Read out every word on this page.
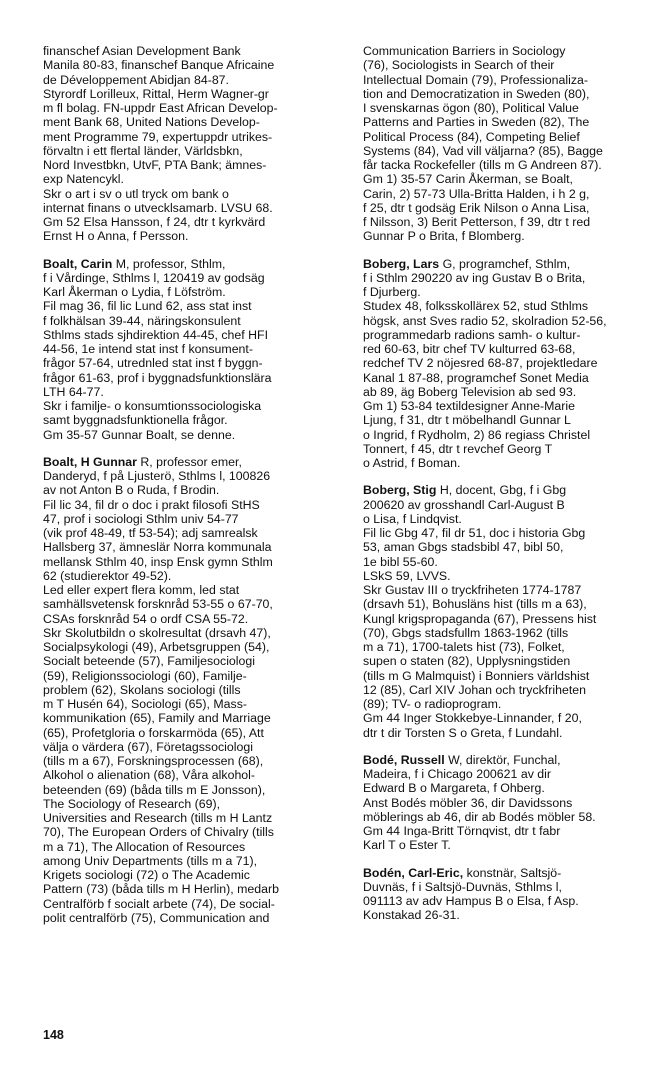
finanschef Asian Development Bank
Manila 80-83, finanschef Banque Africaine
de Développement Abidjan 84-87.
Styrordf Lorilleux, Rittal, Herm Wagner-gr
m fl bolag. FN-uppdr East African Develop-
ment Bank 68, United Nations Develop-
ment Programme 79, expertuppdr utrikes-
förvaltn i ett flertal länder, Världsbkn,
Nord Investbkn, UtvF, PTA Bank; ämnes-
exp Natencykl.
Skr o art i sv o utl tryck om bank o
internat finans o utvecklsamarb. LVSU 68.
Gm 52 Elsa Hansson, f 24, dtr t kyrkvärd
Ernst H o Anna, f Persson.
Boalt, Carin M, professor, Sthlm,
f i Vårdinge, Sthlms l, 120419 av godsäg
Karl Åkerman o Lydia, f Löfström.
Fil mag 36, fil lic Lund 62, ass stat inst
f folkhälsan 39-44, näringskonsulent
Sthlms stads sjhdirektion 44-45, chef HFI
44-56, 1e intend stat inst f konsument-
frågor 57-64, utrednled stat inst f byggn-
frågor 61-63, prof i byggnadsfunktionslära
LTH 64-77.
Skr i familje- o konsumtionssociologiska
samt byggnadsfunktionella frågor.
Gm 35-57 Gunnar Boalt, se denne.
Boalt, H Gunnar R, professor emer,
Danderyd, f på Ljusterö, Sthlms l, 100826
av not Anton B o Ruda, f Brodin.
Fil lic 34, fil dr o doc i prakt filosofi StHS
47, prof i sociologi Sthlm univ 54-77
(vik prof 48-49, tf 53-54); adj samrealsk
Hallsberg 37, ämneslär Norra kommunala
mellansk Sthlm 40, insp Ensk gymn Sthlm
62 (studierektor 49-52).
Led eller expert flera komm, led stat
samhällsvetensk forsknråd 53-55 o 67-70,
CSAs forsknråd 54 o ordf CSA 55-72.
Skr Skolutbildn o skolresultat (drsavh 47),
Socialpsykologi (49), Arbetsgruppen (54),
Socialt beteende (57), Familjesociologi
(59), Religionssociologi (60), Familje-
problem (62), Skolans sociologi (tills
m T Husén 64), Sociologi (65), Mass-
kommunikation (65), Family and Marriage
(65), Profetgloria o forskarmöda (65), Att
välja o värdera (67), Företagssociologi
(tills m a 67), Forskningsprocessen (68),
Alkohol o alienation (68), Våra alkohol-
beteenden (69) (båda tills m E Jonsson),
The Sociology of Research (69),
Universities and Research (tills m H Lantz
70), The European Orders of Chivalry (tills
m a 71), The Allocation of Resources
among Univ Departments (tills m a 71),
Krigets sociologi (72) o The Academic
Pattern (73) (båda tills m H Herlin), medarb
Centralförb f socialt arbete (74), De social-
polit centralförb (75), Communication and
Communication Barriers in Sociology
(76), Sociologists in Search of their
Intellectual Domain (79), Professionaliza-
tion and Democratization in Sweden (80),
I svenskarnas ögon (80), Political Value
Patterns and Parties in Sweden (82), The
Political Process (84), Competing Belief
Systems (84), Vad vill väljarna? (85), Bagge
får tacka Rockefeller (tills m G Andreen 87).
Gm 1) 35-57 Carin Åkerman, se Boalt,
Carin, 2) 57-73 Ulla-Britta Halden, i h 2 g,
f 25, dtr t godsäg Erik Nilson o Anna Lisa,
f Nilsson, 3) Berit Petterson, f 39, dtr t red
Gunnar P o Brita, f Blomberg.
Boberg, Lars G, programchef, Sthlm,
f i Sthlm 290220 av ing Gustav B o Brita,
f Djurberg.
Studex 48, folksskollärex 52, stud Sthlms
högsk, anst Sves radio 52, skolradion 52-56,
programmedarb radions samh- o kultur-
red 60-63, bitr chef TV kulturred 63-68,
redchef TV 2 nöjesred 68-87, projektledare
Kanal 1 87-88, programchef Sonet Media
ab 89, äg Boberg Television ab sed 93.
Gm 1) 53-84 textildesigner Anne-Marie
Ljung, f 31, dtr t möbelhandl Gunnar L
o Ingrid, f Rydholm, 2) 86 regiass Christel
Tonnert, f 45, dtr t revchef Georg T
o Astrid, f Boman.
Boberg, Stig H, docent, Gbg, f i Gbg
200620 av grosshandl Carl-August B
o Lisa, f Lindqvist.
Fil lic Gbg 47, fil dr 51, doc i historia Gbg
53, aman Gbgs stadsbibl 47, bibl 50,
1e bibl 55-60.
LSkS 59, LVVS.
Skr Gustav III o tryckfriheten 1774-1787
(drsavh 51), Bohusläns hist (tills m a 63),
Kungl krigspropaganda (67), Pressens hist
(70), Gbgs stadsfullm 1863-1962 (tills
m a 71), 1700-talets hist (73), Folket,
supen o staten (82), Upplysningstiden
(tills m G Malmquist) i Bonniers världshist
12 (85), Carl XIV Johan och tryckfriheten
(89); TV- o radioprogram.
Gm 44 Inger Stokkebye-Linnander, f 20,
dtr t dir Torsten S o Greta, f Lundahl.
Bodé, Russell W, direktör, Funchal,
Madeira, f i Chicago 200621 av dir
Edward B o Margareta, f Ohberg.
Anst Bodés möbler 36, dir Davidssons
möblerings ab 46, dir ab Bodés möbler 58.
Gm 44 Inga-Britt Törnqvist, dtr t fabr
Karl T o Ester T.
Bodén, Carl-Eric, konstnär, Saltsjö-
Duvnäs, f i Saltsjö-Duvnäs, Sthlms l,
091113 av adv Hampus B o Elsa, f Asp.
Konstakad 26-31.
148
